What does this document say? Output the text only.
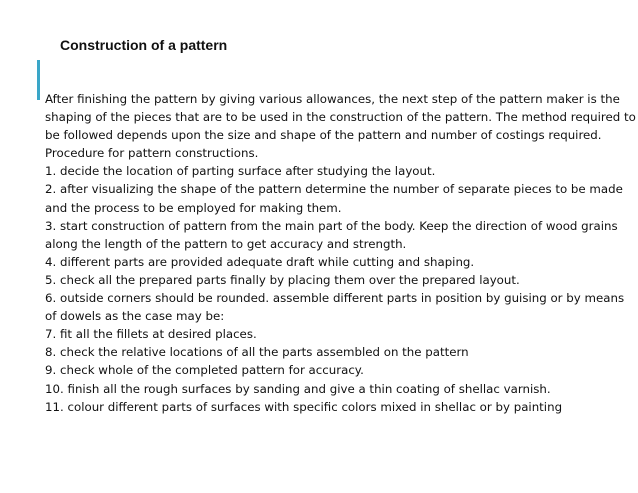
Construction of a pattern
After finishing the pattern by giving various allowances, the next step of the pattern maker is the
shaping of the pieces that are to be used in the construction of the pattern. The method required to
be followed depends upon the size and shape of the pattern and number of costings required.
Procedure for pattern constructions.
1. decide the location of parting surface after studying the layout.
2. after visualizing the shape of the pattern determine the number of separate pieces to be made
and the process to be employed for making them.
3. start construction of pattern from the main part of the body. Keep the direction of wood grains
along the length of the pattern to get accuracy and strength.
4. different parts are provided adequate draft while cutting and shaping.
5. check all the prepared parts finally by placing them over the prepared layout.
6. outside corners should be rounded. assemble different parts in position by guising or by means
of dowels as the case may be:
7. fit all the fillets at desired places.
8. check the relative locations of all the parts assembled on the pattern
9. check whole of the completed pattern for accuracy.
10. finish all the rough surfaces by sanding and give a thin coating of shellac varnish.
11. colour different parts of surfaces with specific colors mixed in shellac or by painting
